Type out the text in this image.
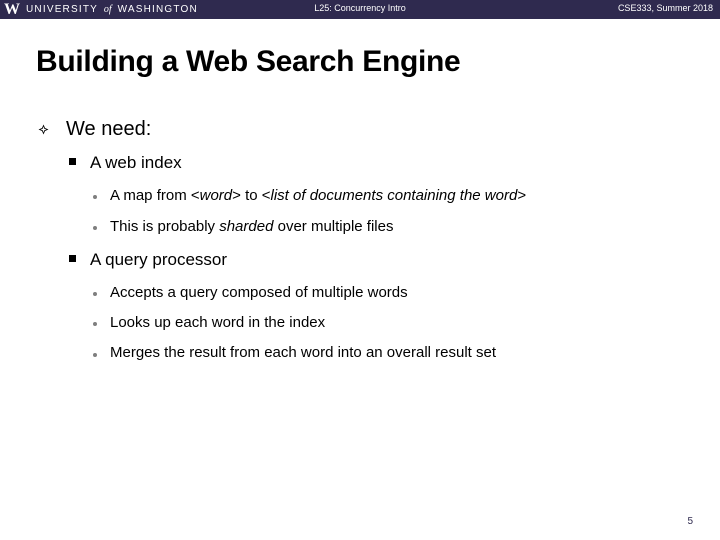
W UNIVERSITY of WASHINGTON	L25: Concurrency Intro	CSE333, Summer 2018
Building a Web Search Engine
We need:
A web index
A map from <word> to <list of documents containing the word>
This is probably sharded over multiple files
A query processor
Accepts a query composed of multiple words
Looks up each word in the index
Merges the result from each word into an overall result set
5
